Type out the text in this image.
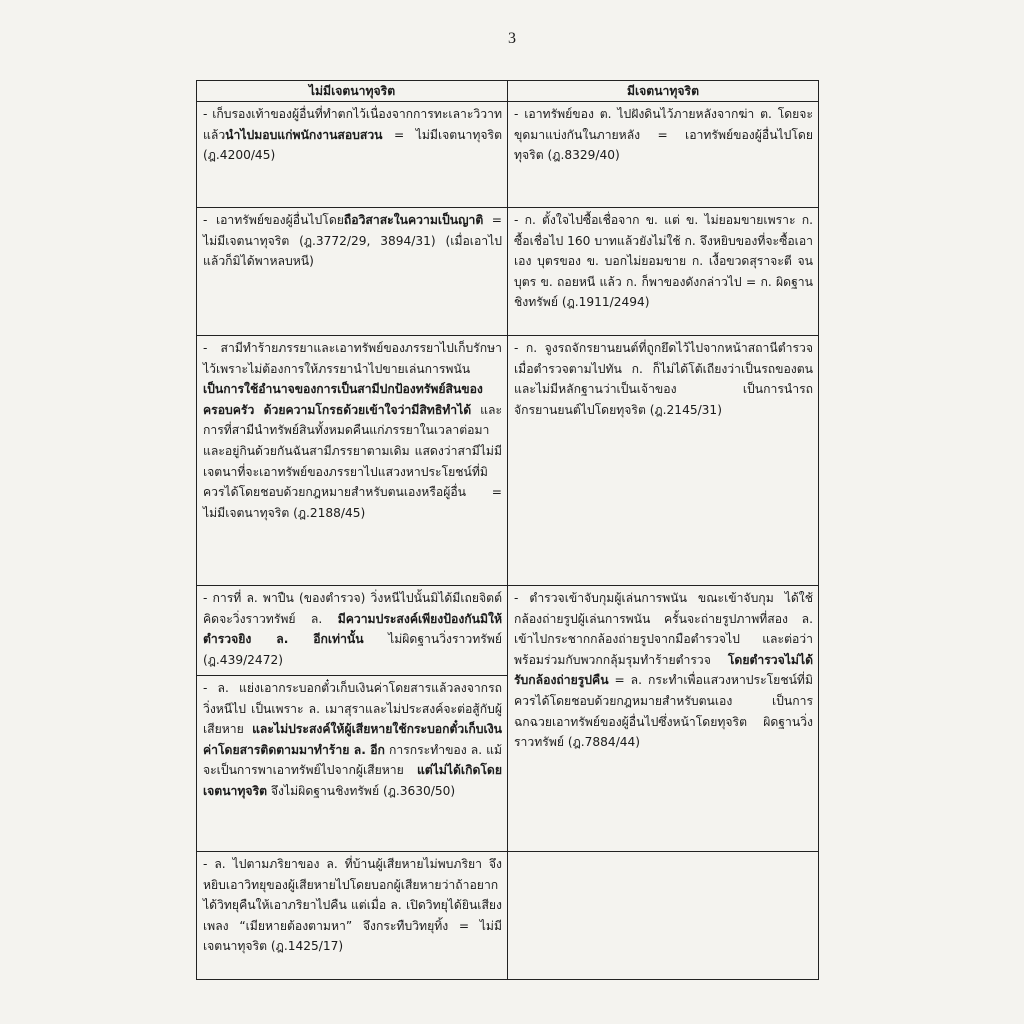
3
ไม่มีเจตนาทุจริต	มีเจตนาทุจริต
- เก็บรองเท้าของผู้อื่นที่ทำตกไว้เนื่องจากการทะเลาะวิวาทแล้วนำไปมอบแก่พนักงานสอบสวน = ไม่มีเจตนาทุจริต (ฎ.4200/45)	- เอาทรัพย์ของ ต. ไปฝังดินไว้ภายหลังจากฆ่า ต. โดยจะขุดมาแบ่งกันในภายหลัง = เอาทรัพย์ของผู้อื่นไปโดยทุจริต (ฎ.8329/40)
- เอาทรัพย์ของผู้อื่นไปโดยถือวิสาสะในความเป็นญาติ = ไม่มีเจตนาทุจริต (ฎ.3772/29, 3894/31) (เมื่อเอาไปแล้วก็มิได้พาหลบหนี)	- ก. ตั้งใจไปซื้อเชื่อจาก ข. แต่ ข. ไม่ยอมขายเพราะ ก. ซื้อเชื่อไป 160 บาทแล้วยังไม่ใช้ ก. จึงหยิบของที่จะซื้อเอาเอง บุตรของ ข. บอกไม่ยอมขาย ก. เงื้อขวดสุราจะตี จนบุตร ข. ถอยหนี แล้ว ก. ก็พาของดังกล่าวไป = ก. ผิดฐานชิงทรัพย์ (ฎ.1911/2494)
- สามีทำร้ายภรรยาและเอาทรัพย์ของภรรยาไปเก็บรักษาไว้เพราะไม่ต้องการให้ภรรยานำไปขายเล่นการพนัน เป็นการใช้อำนาจของการเป็นสามีปกป้องทรัพย์สินของครอบครัว ด้วยความโกรธด้วยเข้าใจว่ามีสิทธิทำได้ และการที่สามีนำทรัพย์สินทั้งหมดคืนแก่ภรรยาในเวลาต่อมาและอยู่กินด้วยกันฉันสามีภรรยาตามเดิม แสดงว่าสามีไม่มีเจตนาที่จะเอาทรัพย์ของภรรยาไปแสวงหาประโยชน์ที่มิควรได้โดยชอบด้วยกฎหมายสำหรับตนเองหรือผู้อื่น = ไม่มีเจตนาทุจริต (ฎ.2188/45)	- ก. จูงรถจักรยานยนต์ที่ถูกยึดไว้ไปจากหน้าสถานีตำรวจ เมื่อตำรวจตามไปทัน ก. ก็ไม่ได้โต้เถียงว่าเป็นรถของตน และไม่มีหลักฐานว่าเป็นเจ้าของ เป็นการนำรถจักรยานยนต์ไปโดยทุจริต (ฎ.2145/31)
- การที่ ล. พาปืน (ของตำรวจ) วิ่งหนีไปนั้นมิได้มีเถยจิตต์คิดจะวิ่งราวทรัพย์ ล. มีความประสงค์เพียงป้องกันมิให้ตำรวจยิง ล. อีกเท่านั้น ไม่ผิดฐานวิ่งราวทรัพย์ (ฎ.439/2472)	- ตำรวจเข้าจับกุมผู้เล่นการพนัน ขณะเข้าจับกุม ได้ใช้กล้องถ่ายรูปผู้เล่นการพนัน ครั้นจะถ่ายรูปภาพที่สอง ล. เข้าไปกระชากกล้องถ่ายรูปจากมือตำรวจไป และต่อว่าพร้อมร่วมกับพวกกลุ้มรุมทำร้ายตำรวจ โดยตำรวจไม่ได้รับกล้องถ่ายรูปคืน = ล. กระทำเพื่อแสวงหาประโยชน์ที่มิควรได้โดยชอบด้วยกฎหมายสำหรับตนเอง เป็นการฉกฉวยเอาทรัพย์ของผู้อื่นไปซึ่งหน้าโดยทุจริต ผิดฐานวิ่งราวทรัพย์ (ฎ.7884/44)
- ล. แย่งเอากระบอกตั๋วเก็บเงินค่าโดยสารแล้วลงจากรถวิ่งหนีไป เป็นเพราะ ล. เมาสุราและไม่ประสงค์จะต่อสู้กับผู้เสียหาย และไม่ประสงค์ให้ผู้เสียหายใช้กระบอกตั๋วเก็บเงินค่าโดยสารติดตามมาทำร้าย ล. อีก การกระทำของ ล. แม้จะเป็นการพาเอาทรัพย์ไปจากผู้เสียหาย แต่ไม่ได้เกิดโดยเจตนาทุจริต จึงไม่ผิดฐานชิงทรัพย์ (ฎ.3630/50)	
- ล. ไปตามภริยาของ ล. ที่บ้านผู้เสียหายไม่พบภริยา จึงหยิบเอาวิทยุของผู้เสียหายไปโดยบอกผู้เสียหายว่าถ้าอยากได้วิทยุคืนให้เอาภริยาไปคืน แต่เมื่อ ล. เปิดวิทยุได้ยินเสียงเพลง “เมียหายต้องตามหา” จึงกระทืบวิทยุทิ้ง = ไม่มีเจตนาทุจริต (ฎ.1425/17)	
